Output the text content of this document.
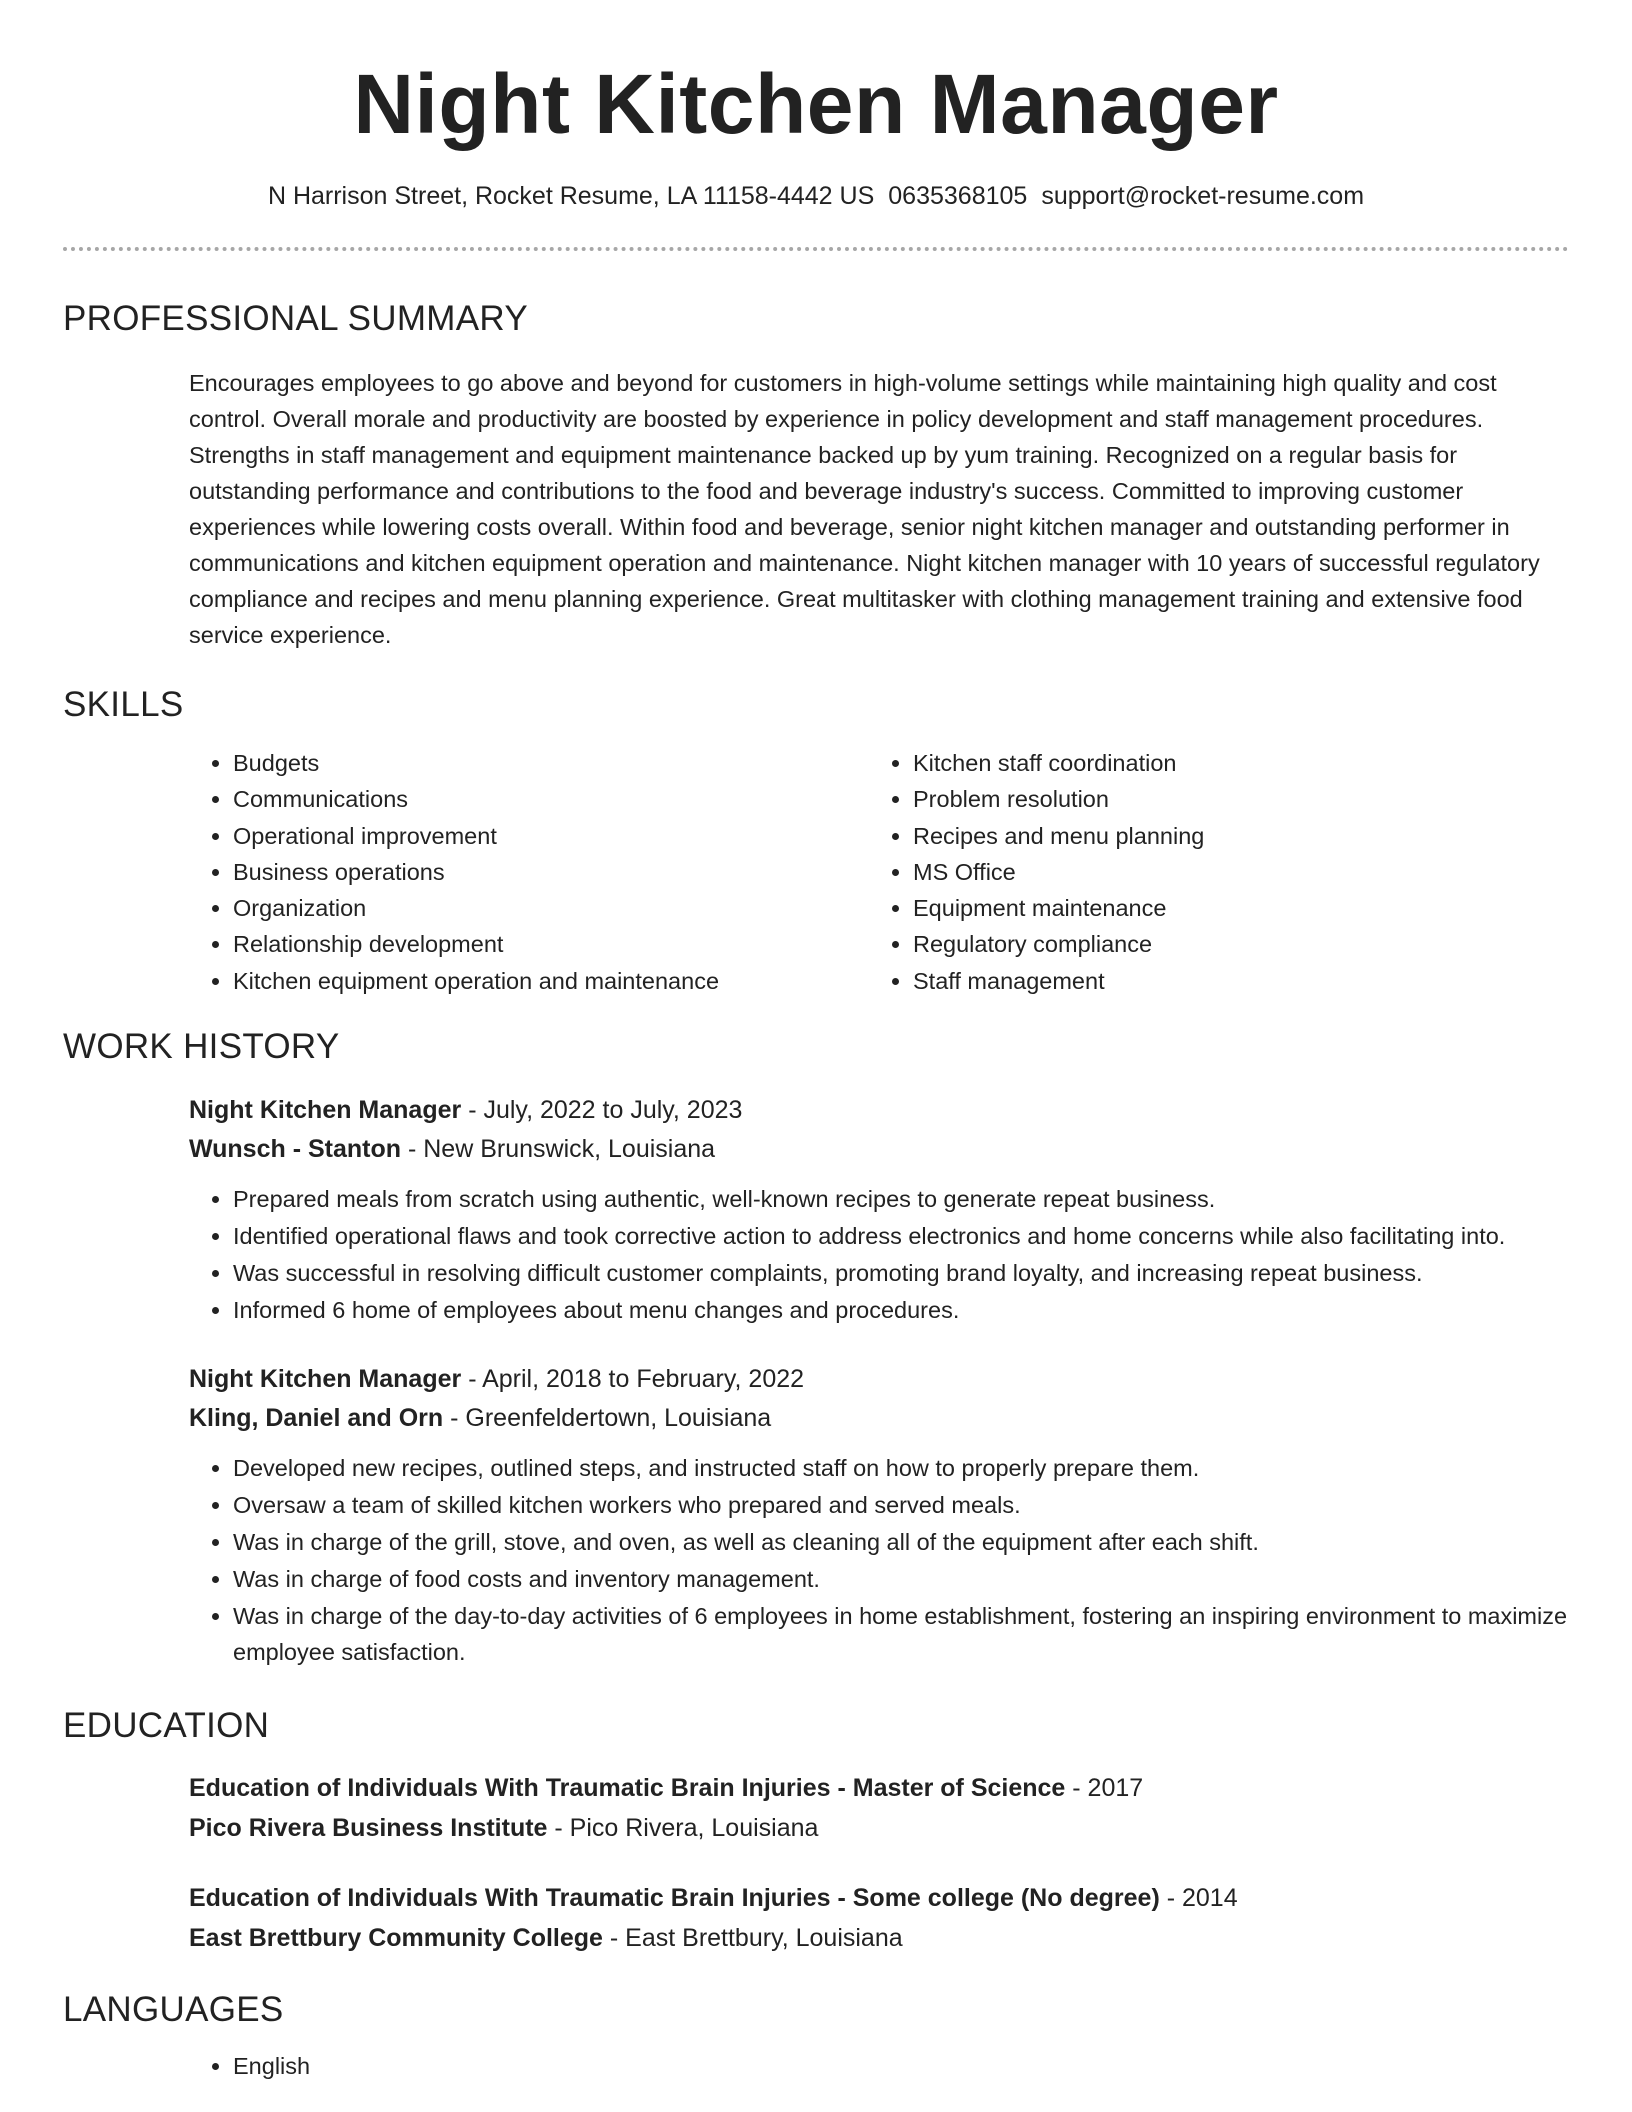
Night Kitchen Manager
N Harrison Street, Rocket Resume, LA 11158-4442 US 0635368105 support@rocket-resume.com
PROFESSIONAL SUMMARY

Encourages employees to go above and beyond for customers in high-volume settings while maintaining high quality and cost control. Overall morale and productivity are boosted by experience in policy development and staff management procedures. Strengths in staff management and equipment maintenance backed up by yum training. Recognized on a regular basis for outstanding performance and contributions to the food and beverage industry's success. Committed to improving customer experiences while lowering costs overall. Within food and beverage, senior night kitchen manager and outstanding performer in communications and kitchen equipment operation and maintenance. Night kitchen manager with 10 years of successful regulatory compliance and recipes and menu planning experience. Great multitasker with clothing management training and extensive food service experience.

SKILLS
• Budgets
• Communications
• Operational improvement
• Business operations
• Organization
• Relationship development
• Kitchen equipment operation and maintenance
• Kitchen staff coordination
• Problem resolution
• Recipes and menu planning
• MS Office
• Equipment maintenance
• Regulatory compliance
• Staff management
WORK HISTORY
Night Kitchen Manager - July, 2022 to July, 2023
Wunsch - Stanton - New Brunswick, Louisiana
• Prepared meals from scratch using authentic, well-known recipes to generate repeat business.
• Identified operational flaws and took corrective action to address electronics and home concerns while also facilitating into.
• Was successful in resolving difficult customer complaints, promoting brand loyalty, and increasing repeat business.
• Informed 6 home of employees about menu changes and procedures.
Night Kitchen Manager - April, 2018 to February, 2022
Kling, Daniel and Orn - Greenfeldertown, Louisiana
• Developed new recipes, outlined steps, and instructed staff on how to properly prepare them.
• Oversaw a team of skilled kitchen workers who prepared and served meals.
• Was in charge of the grill, stove, and oven, as well as cleaning all of the equipment after each shift.
• Was in charge of food costs and inventory management.
• Was in charge of the day-to-day activities of 6 employees in home establishment, fostering an inspiring environment to maximize employee satisfaction.
EDUCATION
Education of Individuals With Traumatic Brain Injuries - Master of Science - 2017
Pico Rivera Business Institute - Pico Rivera, Louisiana
Education of Individuals With Traumatic Brain Injuries - Some college (No degree) - 2014
East Brettbury Community College - East Brettbury, Louisiana
LANGUAGES
• English
